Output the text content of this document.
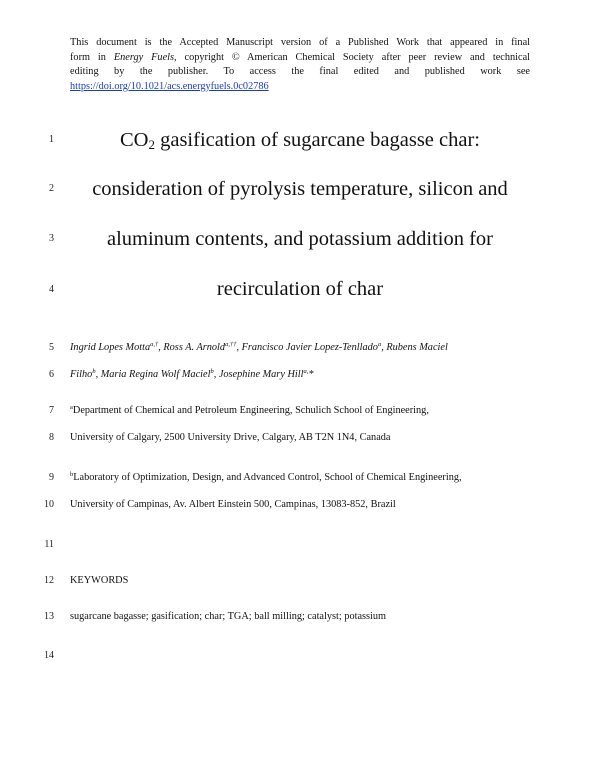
This document is the Accepted Manuscript version of a Published Work that appeared in final
form in Energy Fuels, copyright © American Chemical Society after peer review and technical
editing by the publisher. To access the final edited and published work see
https://doi.org/10.1021/acs.energyfuels.0c02786
1
2
3
4
5
6
7
8
9
10
11
12
13
14
$CO_2$ gasification of sugarcane bagasse char:
consideration of pyrolysis temperature, silicon and
aluminum contents, and potassium addition for
recirculation of char
Ingrid Lopes Motta$^{a,\dagger}$, Ross A. Arnold$^{a,\dagger\dagger}$, Francisco Javier Lopez-Tenllado$^a$, Rubens Maciel
Filho$^b$, Maria Regina Wolf Maciel$^b$, Josephine Mary Hill$^{a,}$*
$^a$Department of Chemical and Petroleum Engineering, Schulich School of Engineering,
University of Calgary, 2500 University Drive, Calgary, AB T2N 1N4, Canada
$^b$Laboratory of Optimization, Design, and Advanced Control, School of Chemical Engineering,
University of Campinas, Av. Albert Einstein 500, Campinas, 13083-852, Brazil
KEYWORDS
sugarcane bagasse; gasification; char; TGA; ball milling; catalyst; potassium
